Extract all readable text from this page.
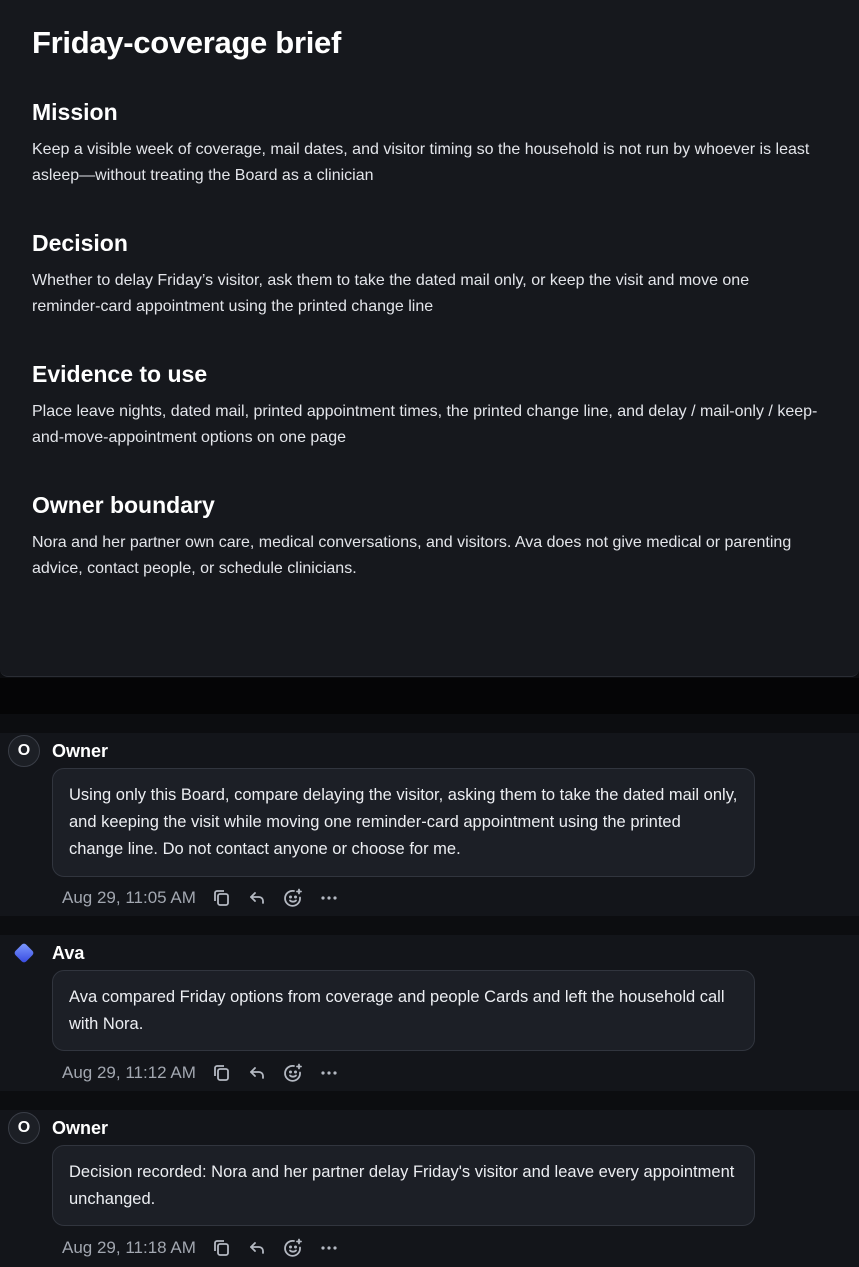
Friday-coverage brief
Mission

Keep a visible week of coverage, mail dates, and visitor timing so the household is not run by whoever is least asleep—without treating the Board as a clinician

Decision

Whether to delay Friday’s visitor, ask them to take the dated mail only, or keep the visit and move one reminder-card appointment using the printed change line

Evidence to use

Place leave nights, dated mail, printed appointment times, the printed change line, and delay / mail-only / keep-and-move-appointment options on one page

Owner boundary

Nora and her partner own care, medical conversations, and visitors. Ava does not give medical or parenting advice, contact people, or schedule clinicians.

O	Owner
Using only this Board, compare delaying the visitor, asking them to take the dated mail only, and keeping the visit while moving one reminder-card appointment using the printed change line. Do not contact anyone or choose for me.
Aug 29, 11:05 AM
Ava
Ava compared Friday options from coverage and people Cards and left the household call with Nora.
Aug 29, 11:12 AM
O	Owner
Decision recorded: Nora and her partner delay Friday's visitor and leave every appointment unchanged.
Aug 29, 11:18 AM
